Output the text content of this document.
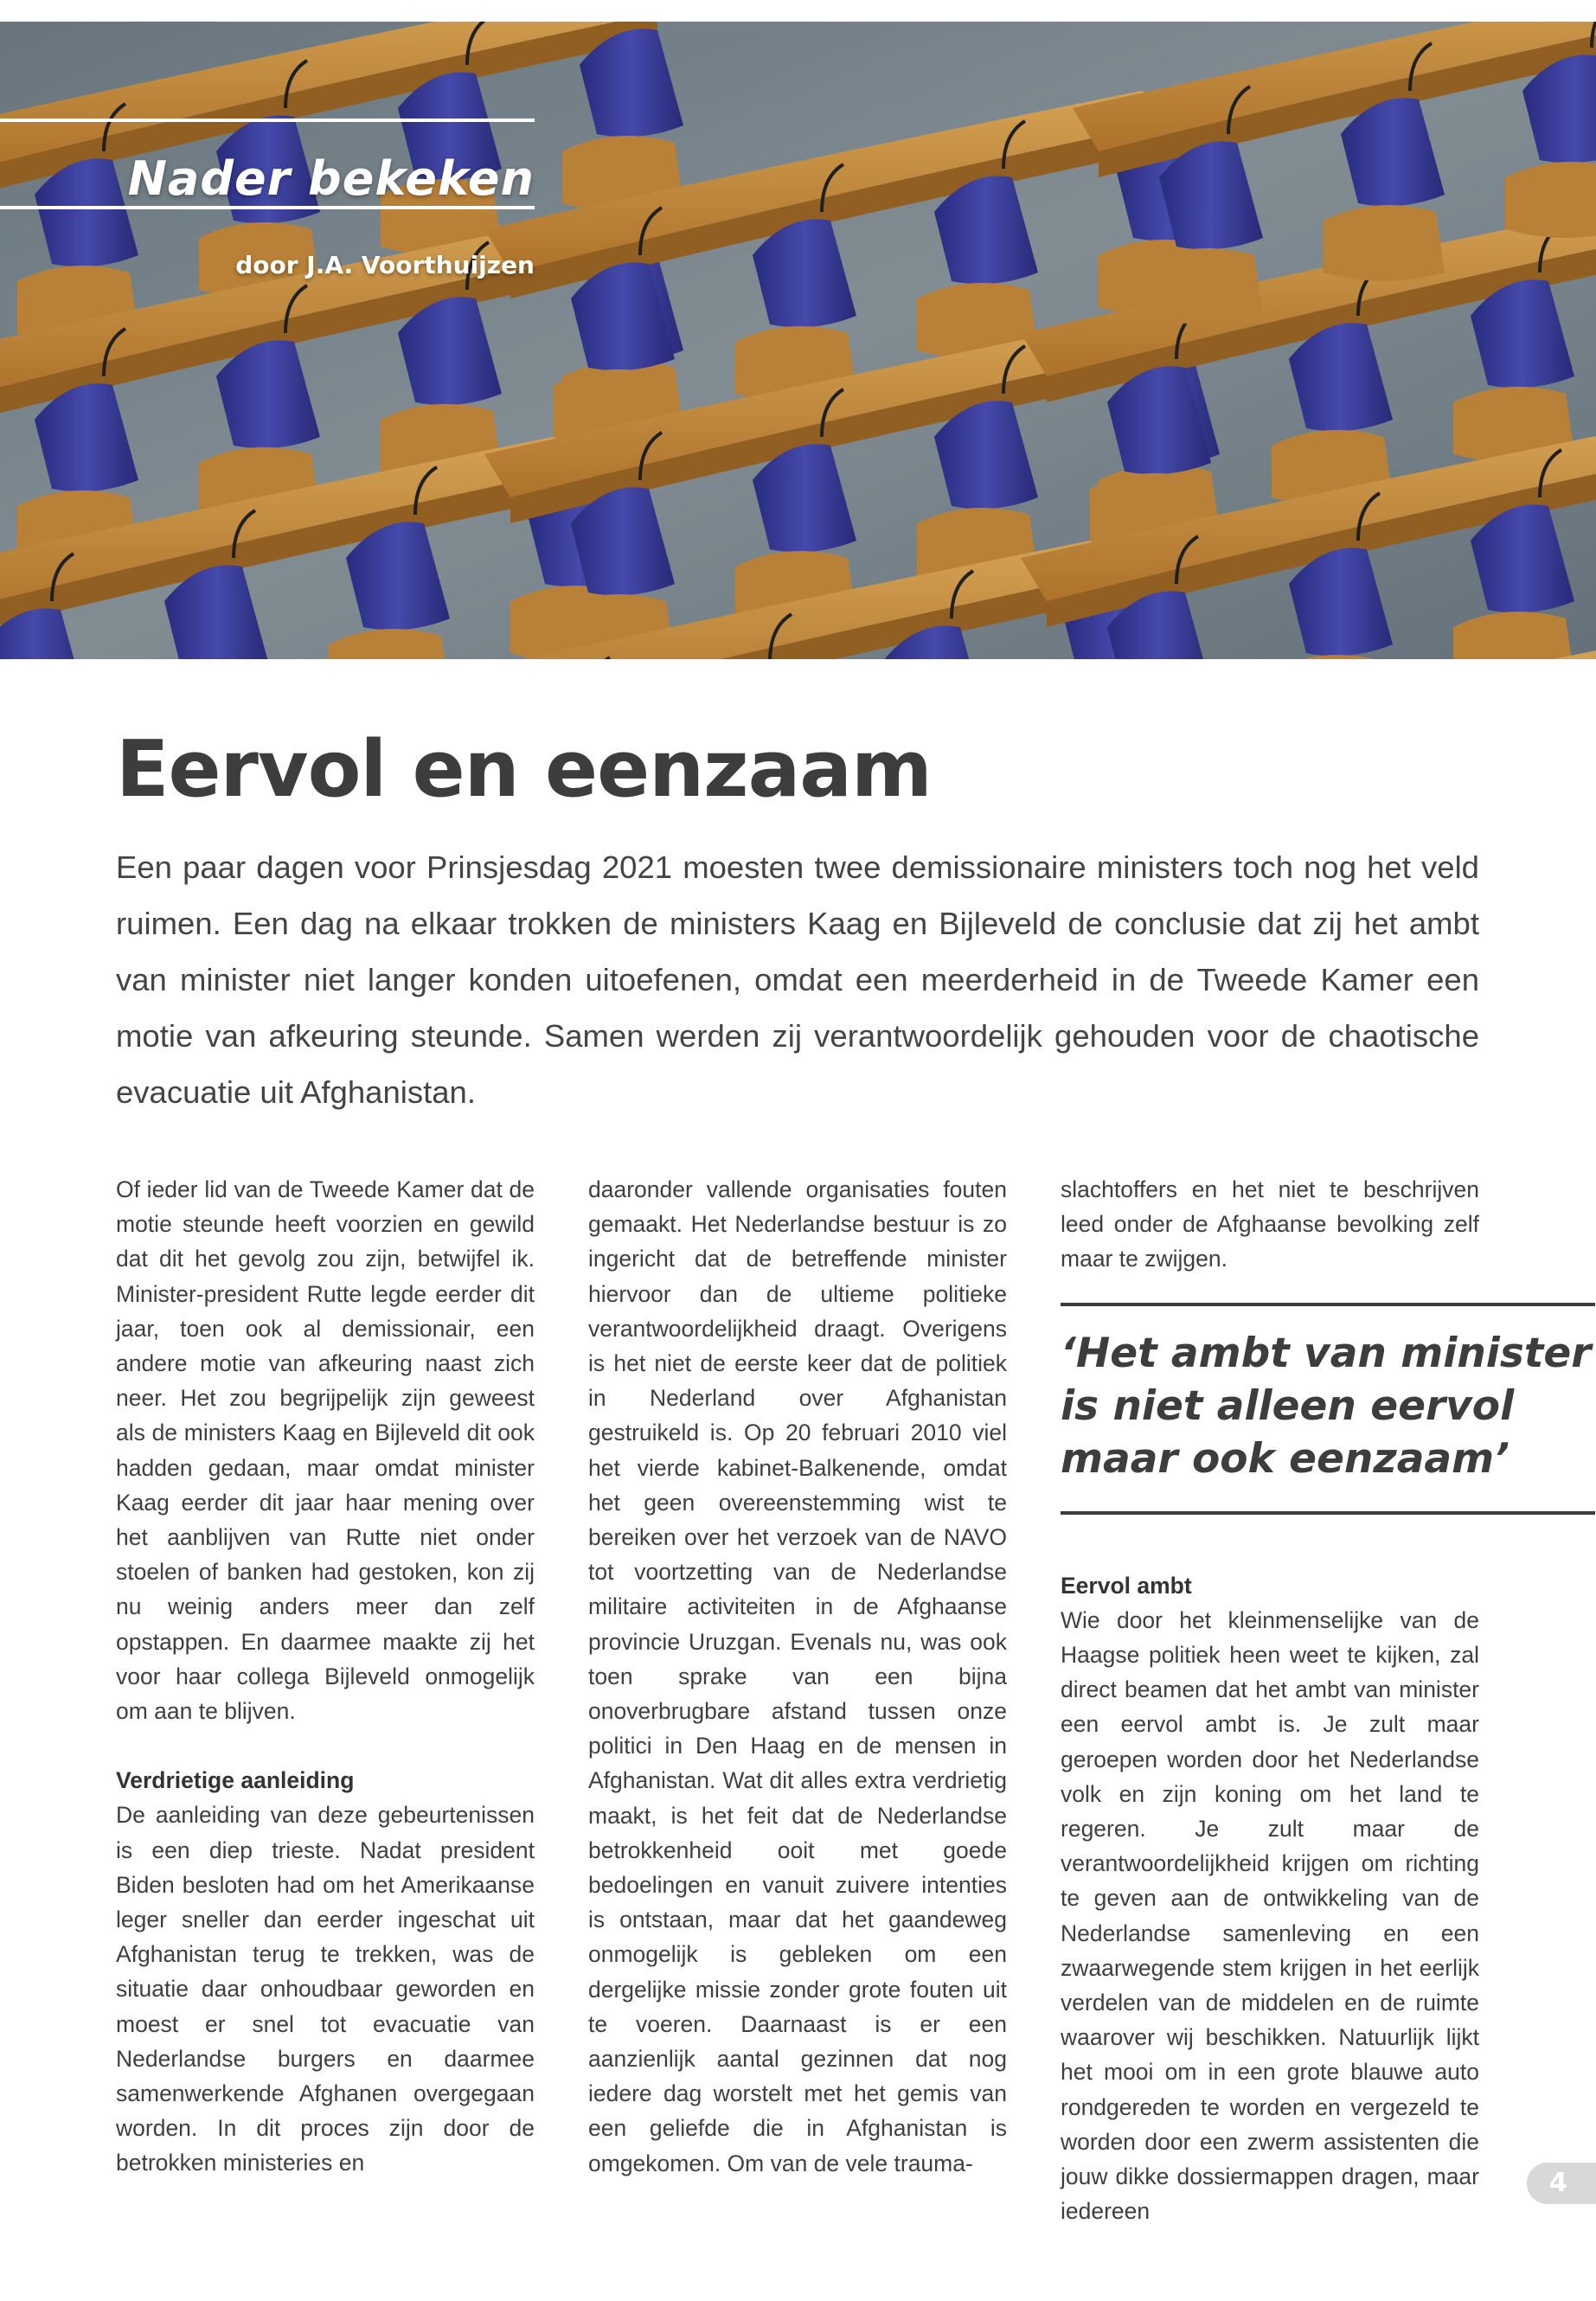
Nader bekeken
door J.A. Voorthuijzen
Eervol en eenzaam

Een paar dagen voor Prinsjesdag 2021 moesten twee demissionaire ministers toch nog het veld ruimen. Een dag na elkaar trokken de ministers Kaag en Bijleveld de conclusie dat zij het ambt van minister niet langer konden uitoefenen, omdat een meerderheid in de Tweede Kamer een motie van afkeuring steunde. Samen werden zij verantwoordelijk gehouden voor de chaotische evacuatie uit Afghanistan.

Of ieder lid van de Tweede Kamer dat de motie steunde heeft voorzien en gewild dat dit het gevolg zou zijn, betwijfel ik. Minister-president Rutte legde eerder dit jaar, toen ook al demissionair, een andere motie van afkeuring naast zich neer. Het zou begrijpelijk zijn geweest als de ministers Kaag en Bijleveld dit ook hadden gedaan, maar omdat minister Kaag eerder dit jaar haar mening over het aanblijven van Rutte niet onder stoelen of banken had gestoken, kon zij nu weinig anders meer dan zelf opstappen. En daarmee maakte zij het voor haar collega Bijleveld onmogelijk om aan te blijven.

Verdrietige aanleiding

De aanleiding van deze gebeurtenissen is een diep trieste. Nadat president Biden besloten had om het Amerikaanse leger sneller dan eerder ingeschat uit Afghanistan terug te trekken, was de situatie daar onhoudbaar geworden en moest er snel tot evacuatie van Nederlandse burgers en daarmee samenwerkende Afghanen overgegaan worden. In dit proces zijn door de betrokken ministeries en

daaronder vallende organisaties fouten gemaakt. Het Nederlandse bestuur is zo ingericht dat de betreffende minister hiervoor dan de ultieme politieke verantwoordelijkheid draagt. Overigens is het niet de eerste keer dat de politiek in Nederland over Afghanistan gestruikeld is. Op 20 februari 2010 viel het vierde kabinet-Balkenende, omdat het geen overeenstemming wist te bereiken over het verzoek van de NAVO tot voortzetting van de Nederlandse militaire activiteiten in de Afghaanse provincie Uruzgan. Evenals nu, was ook toen sprake van een bijna onoverbrugbare afstand tussen onze politici in Den Haag en de mensen in Afghanistan. Wat dit alles extra verdrietig maakt, is het feit dat de Nederlandse betrokkenheid ooit met goede bedoelingen en vanuit zuivere intenties is ontstaan, maar dat het gaandeweg onmogelijk is gebleken om een dergelijke missie zonder grote fouten uit te voeren. Daarnaast is er een aanzienlijk aantal gezinnen dat nog iedere dag worstelt met het gemis van een geliefde die in Afghanistan is omgekomen. Om van de vele trauma-

slachtoffers en het niet te beschrijven leed onder de Afghaanse bevolking zelf maar te zwijgen.

‘Het ambt van minister is niet alleen eervol maar ook eenzaam’
Eervol ambt

Wie door het kleinmenselijke van de Haagse politiek heen weet te kijken, zal direct beamen dat het ambt van minister een eervol ambt is. Je zult maar geroepen worden door het Nederlandse volk en zijn koning om het land te regeren. Je zult maar de verantwoordelijkheid krijgen om richting te geven aan de ontwikkeling van de Nederlandse samenleving en een zwaarwegende stem krijgen in het eerlijk verdelen van de middelen en de ruimte waarover wij beschikken. Natuurlijk lijkt het mooi om in een grote blauwe auto rondgereden te worden en vergezeld te worden door een zwerm assistenten die jouw dikke dossiermappen dragen, maar iedereen

4
